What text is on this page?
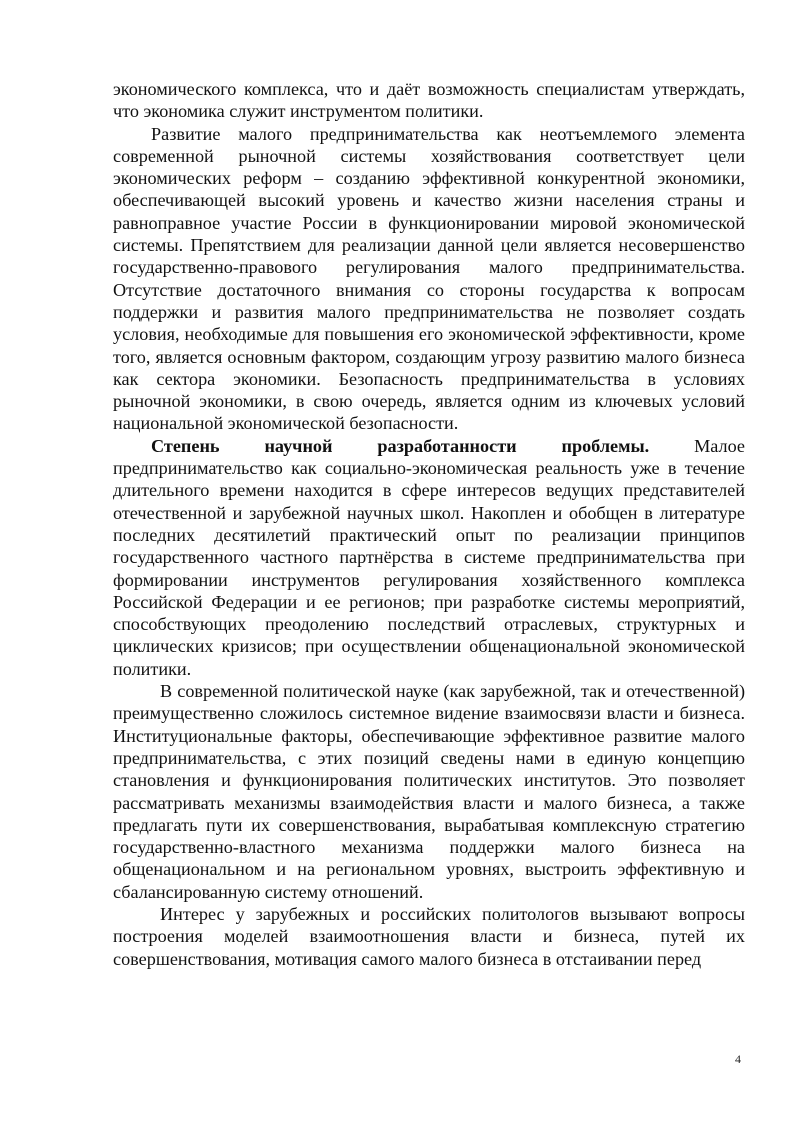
экономического комплекса, что и даёт возможность специалистам утверждать, что экономика служит инструментом политики.

Развитие малого предпринимательства как неотъемлемого элемента современной рыночной системы хозяйствования соответствует цели экономических реформ – созданию эффективной конкурентной экономики, обеспечивающей высокий уровень и качество жизни населения страны и равноправное участие России в функционировании мировой экономической системы. Препятствием для реализации данной цели является несовершенство государственно-правового регулирования малого предпринимательства. Отсутствие достаточного внимания со стороны государства к вопросам поддержки и развития малого предпринимательства не позволяет создать условия, необходимые для повышения его экономической эффективности, кроме того, является основным фактором, создающим угрозу развитию малого бизнеса как сектора экономики. Безопасность предпринимательства в условиях рыночной экономики, в свою очередь, является одним из ключевых условий национальной экономической безопасности.

Степень научной разработанности проблемы. Малое предпринимательство как социально-экономическая реальность уже в течение длительного времени находится в сфере интересов ведущих представителей отечественной и зарубежной научных школ. Накоплен и обобщен в литературе последних десятилетий практический опыт по реализации принципов государственного частного партнёрства в системе предпринимательства при формировании инструментов регулирования хозяйственного комплекса Российской Федерации и ее регионов; при разработке системы мероприятий, способствующих преодолению последствий отраслевых, структурных и циклических кризисов; при осуществлении общенациональной экономической политики.

В современной политической науке (как зарубежной, так и отечественной) преимущественно сложилось системное видение взаимосвязи власти и бизнеса. Институциональные факторы, обеспечивающие эффективное развитие малого предпринимательства, с этих позиций сведены нами в единую концепцию становления и функционирования политических институтов. Это позволяет рассматривать механизмы взаимодействия власти и малого бизнеса, а также предлагать пути их совершенствования, вырабатывая комплексную стратегию государственно-властного механизма поддержки малого бизнеса на общенациональном и на региональном уровнях, выстроить эффективную и сбалансированную систему отношений.

Интерес у зарубежных и российских политологов вызывают вопросы построения моделей взаимоотношения власти и бизнеса, путей их совершенствования, мотивация самого малого бизнеса в отстаивании перед

4
